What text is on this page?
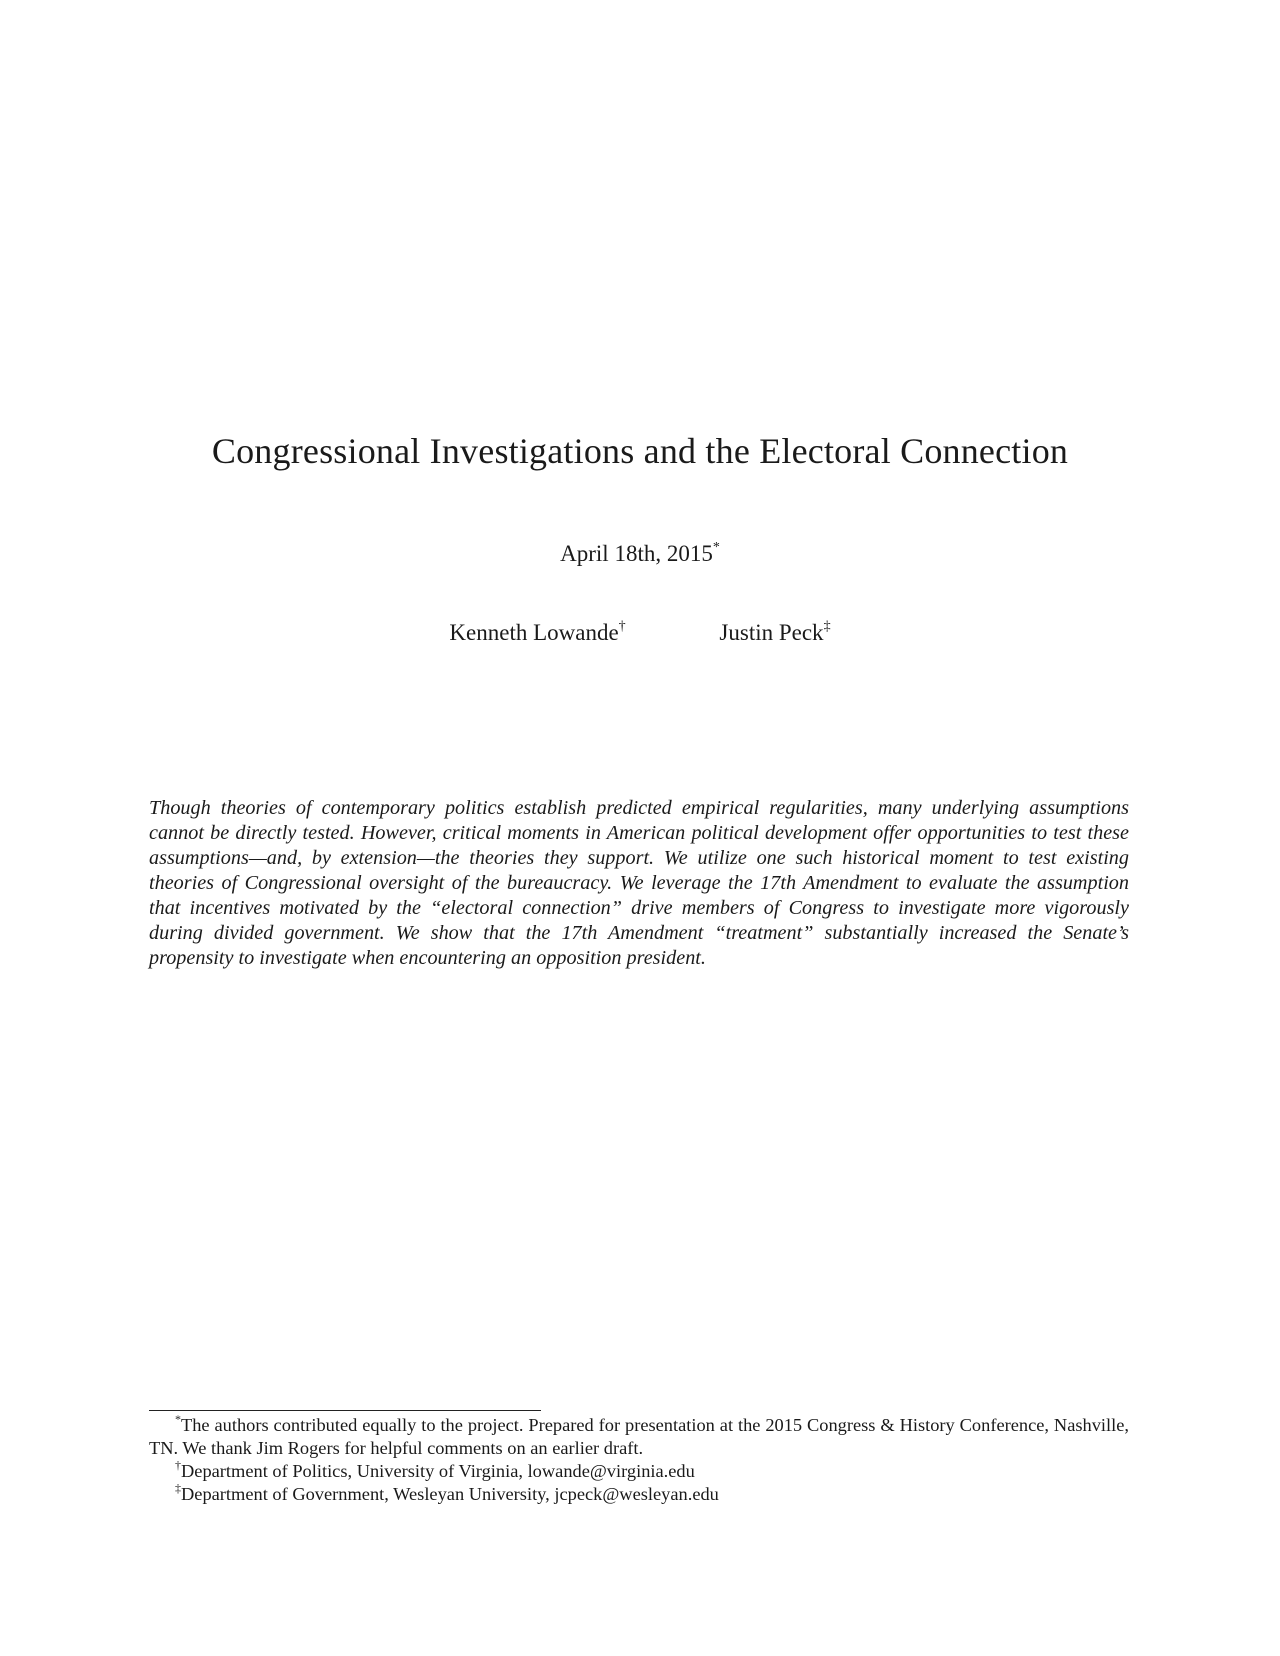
Congressional Investigations and the Electoral Connection
April 18th, 2015*
Kenneth Lowande†	Justin Peck‡

Though theories of contemporary politics establish predicted empirical regularities, many underlying assumptions cannot be directly tested. However, critical moments in American political development offer opportunities to test these assumptions—and, by extension—the theories they support. We utilize one such historical moment to test existing theories of Congressional oversight of the bureaucracy. We leverage the 17th Amendment to evaluate the assumption that incentives motivated by the “electoral connection” drive members of Congress to investigate more vigorously during divided government. We show that the 17th Amendment “treatment” substantially increased the Senate’s propensity to investigate when encountering an opposition president.

*The authors contributed equally to the project. Prepared for presentation at the 2015 Congress & History Conference, Nashville, TN. We thank Jim Rogers for helpful comments on an earlier draft.

†Department of Politics, University of Virginia, lowande@virginia.edu

‡Department of Government, Wesleyan University, jcpeck@wesleyan.edu
